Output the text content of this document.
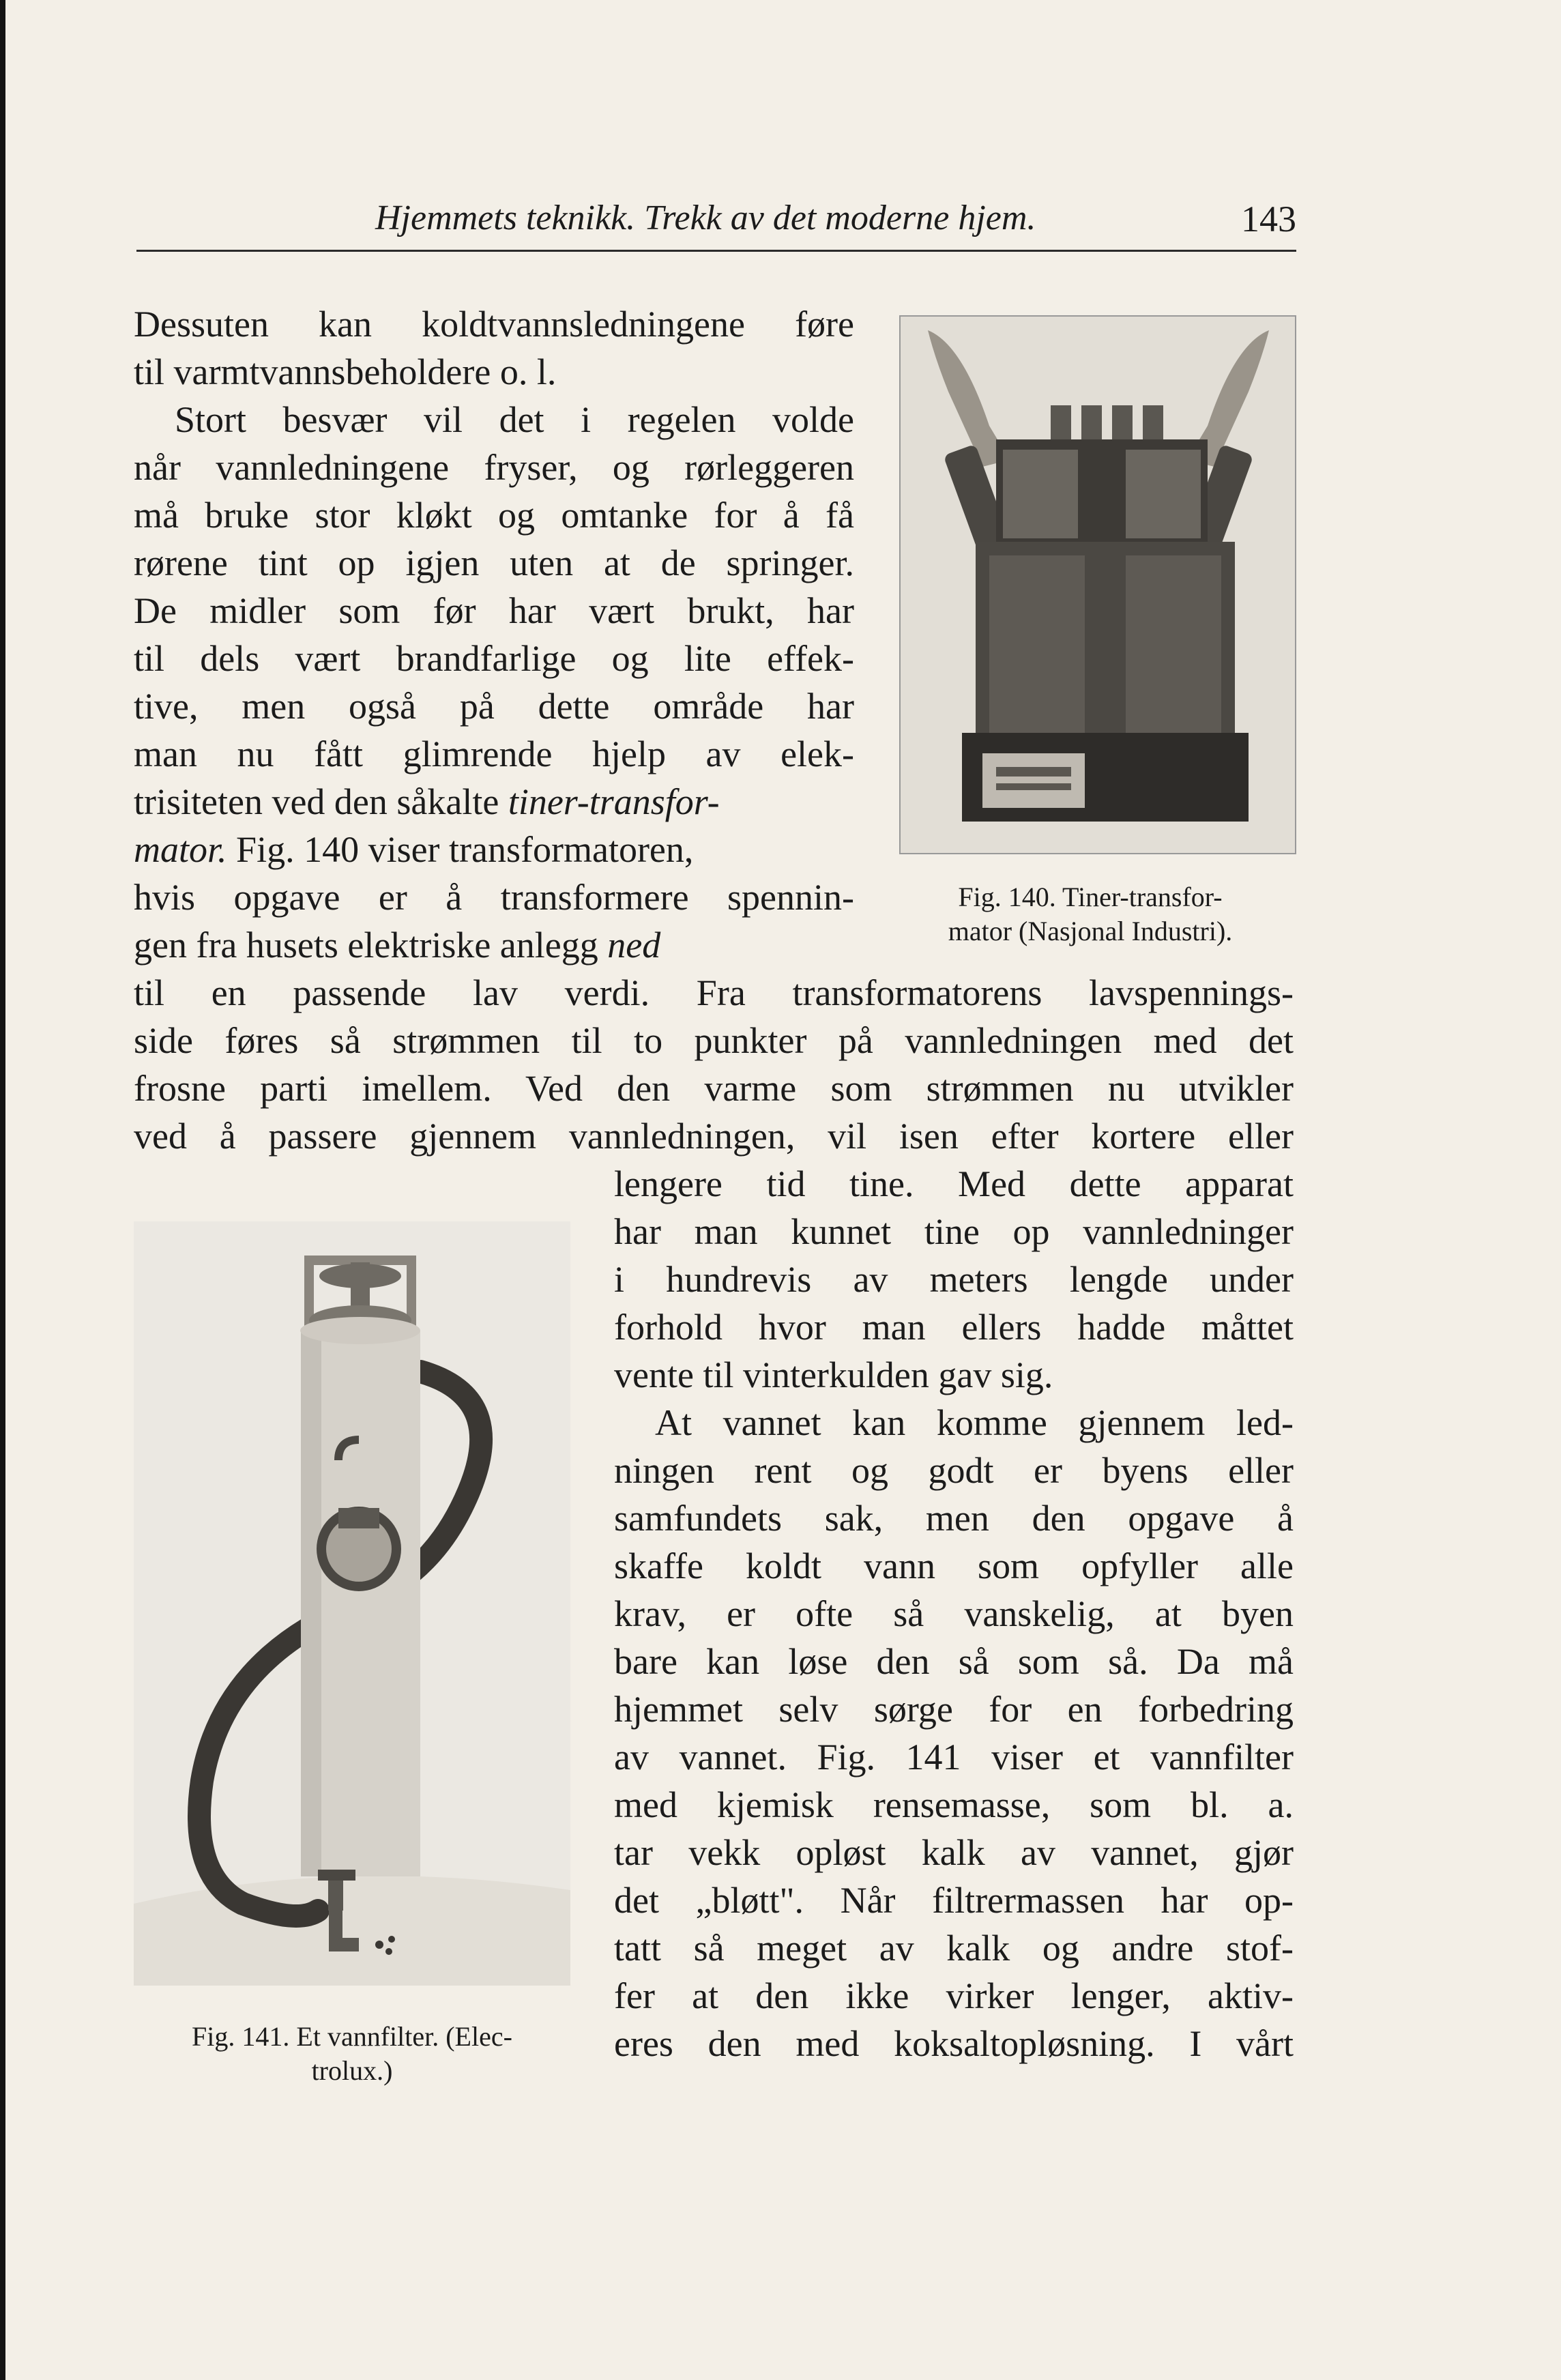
Hjemmets teknikk. Trekk av det moderne hjem.	143
Dessuten kan koldtvannsledningene føre
til varmtvannsbeholdere o. l.
Stort besvær vil det i regelen volde
når vannledningene fryser, og rørleggeren
må bruke stor kløkt og omtanke for å få
rørene tint op igjen uten at de springer.
De midler som før har vært brukt, har
til dels vært brandfarlige og lite effek-
tive, men også på dette område har
man nu fått glimrende hjelp av elek-
trisiteten ved den såkalte tiner-transfor-
mator. Fig. 140 viser transformatoren,
hvis opgave er å transformere spennin-
gen fra husets elektriske anlegg ned
til en passende lav verdi. Fra transformatorens lavspennings-
side føres så strømmen til to punkter på vannledningen med det
frosne parti imellem. Ved den varme som strømmen nu utvikler
ved å passere gjennem vannledningen, vil isen efter kortere eller
lengere tid tine. Med dette apparat
har man kunnet tine op vannledninger
i hundrevis av meters lengde under
forhold hvor man ellers hadde måttet
vente til vinterkulden gav sig.
At vannet kan komme gjennem led-
ningen rent og godt er byens eller
samfundets sak, men den opgave å
skaffe koldt vann som opfyller alle
krav, er ofte så vanskelig, at byen
bare kan løse den så som så. Da må
hjemmet selv sørge for en forbedring
av vannet. Fig. 141 viser et vannfilter
med kjemisk rensemasse, som bl. a.
tar vekk opløst kalk av vannet, gjør
det „bløtt". Når filtrermassen har op-
tatt så meget av kalk og andre stof-
fer at den ikke virker lenger, aktiv-
eres den med koksaltopløsning. I vårt
Fig. 140. Tiner-transfor-
mator (Nasjonal Industri).
Fig. 141. Et vannfilter. (Elec-
trolux.)
